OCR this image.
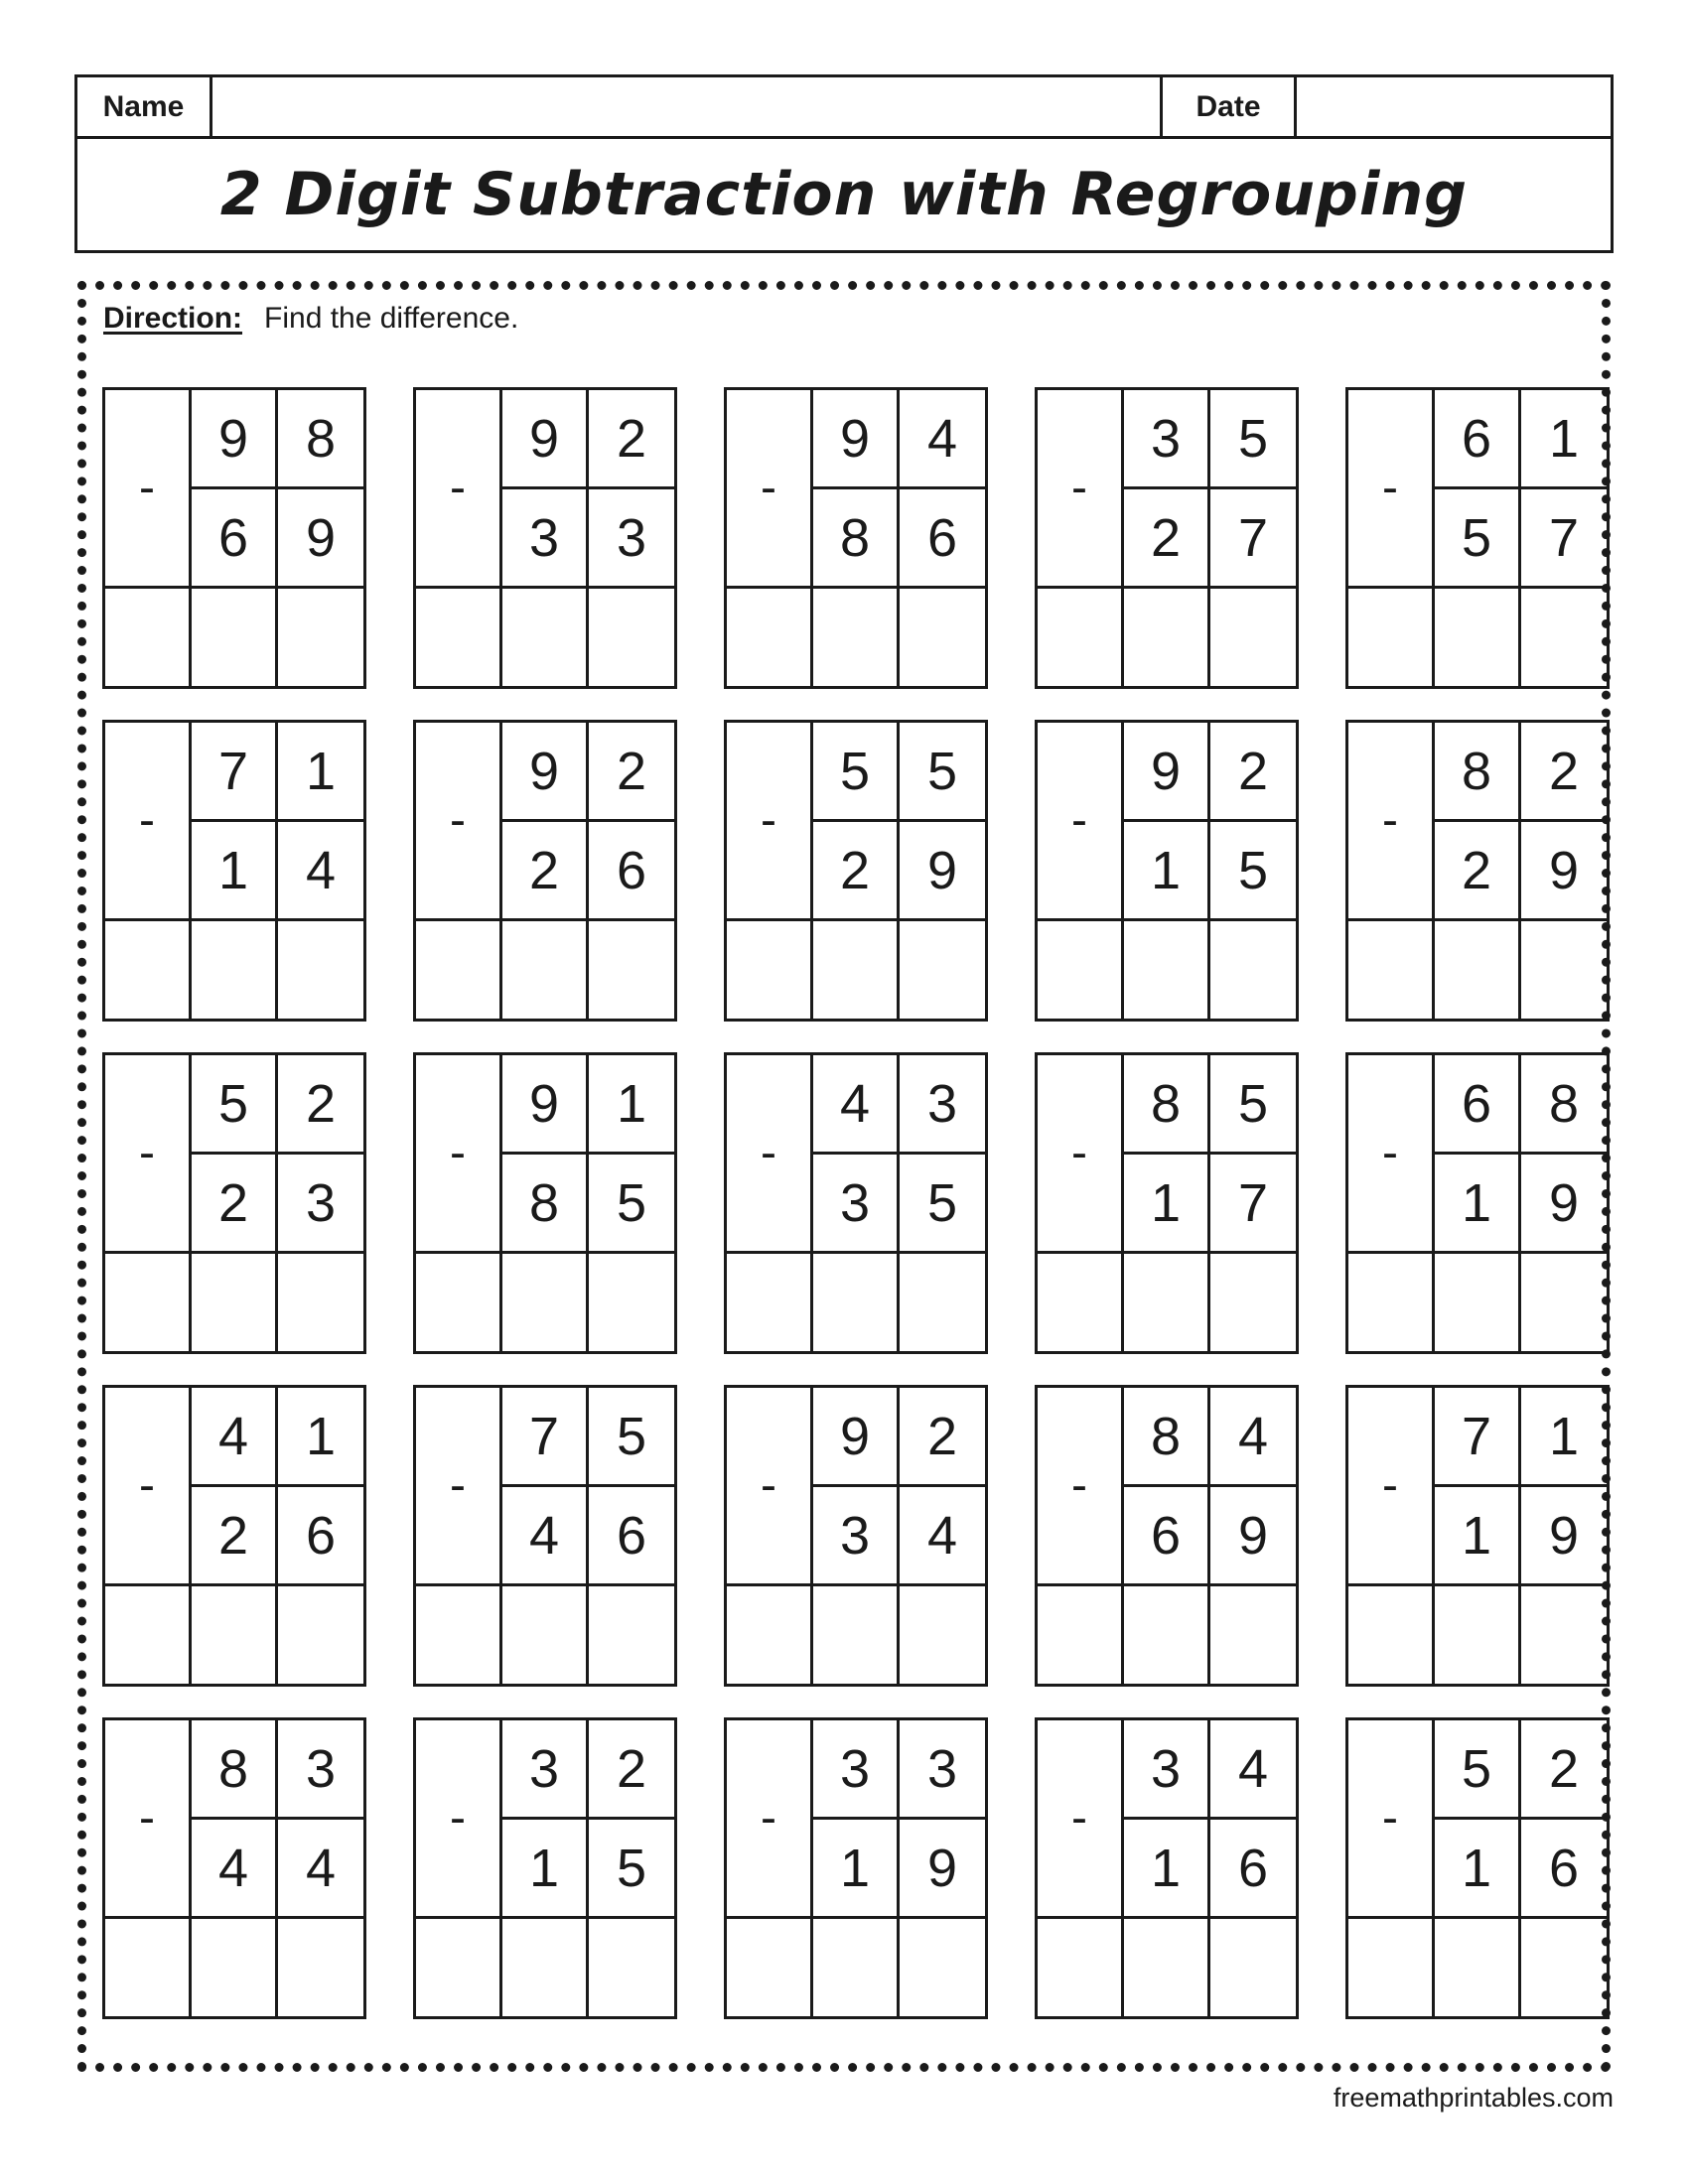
Name	Date
2 Digit Subtraction with Regrouping
Direction: Find the difference.
-
9	8
6	9
-
9	2
3	3
-
9	4
8	6
-
3	5
2	7
-
6	1
5	7
-
7	1
1	4
-
9	2
2	6
-
5	5
2	9
-
9	2
1	5
-
8	2
2	9
-
5	2
2	3
-
9	1
8	5
-
4	3
3	5
-
8	5
1	7
-
6	8
1	9
-
4	1
2	6
-
7	5
4	6
-
9	2
3	4
-
8	4
6	9
-
7	1
1	9
-
8	3
4	4
-
3	2
1	5
-
3	3
1	9
-
3	4
1	6
-
5	2
1	6
freemathprintables.com
